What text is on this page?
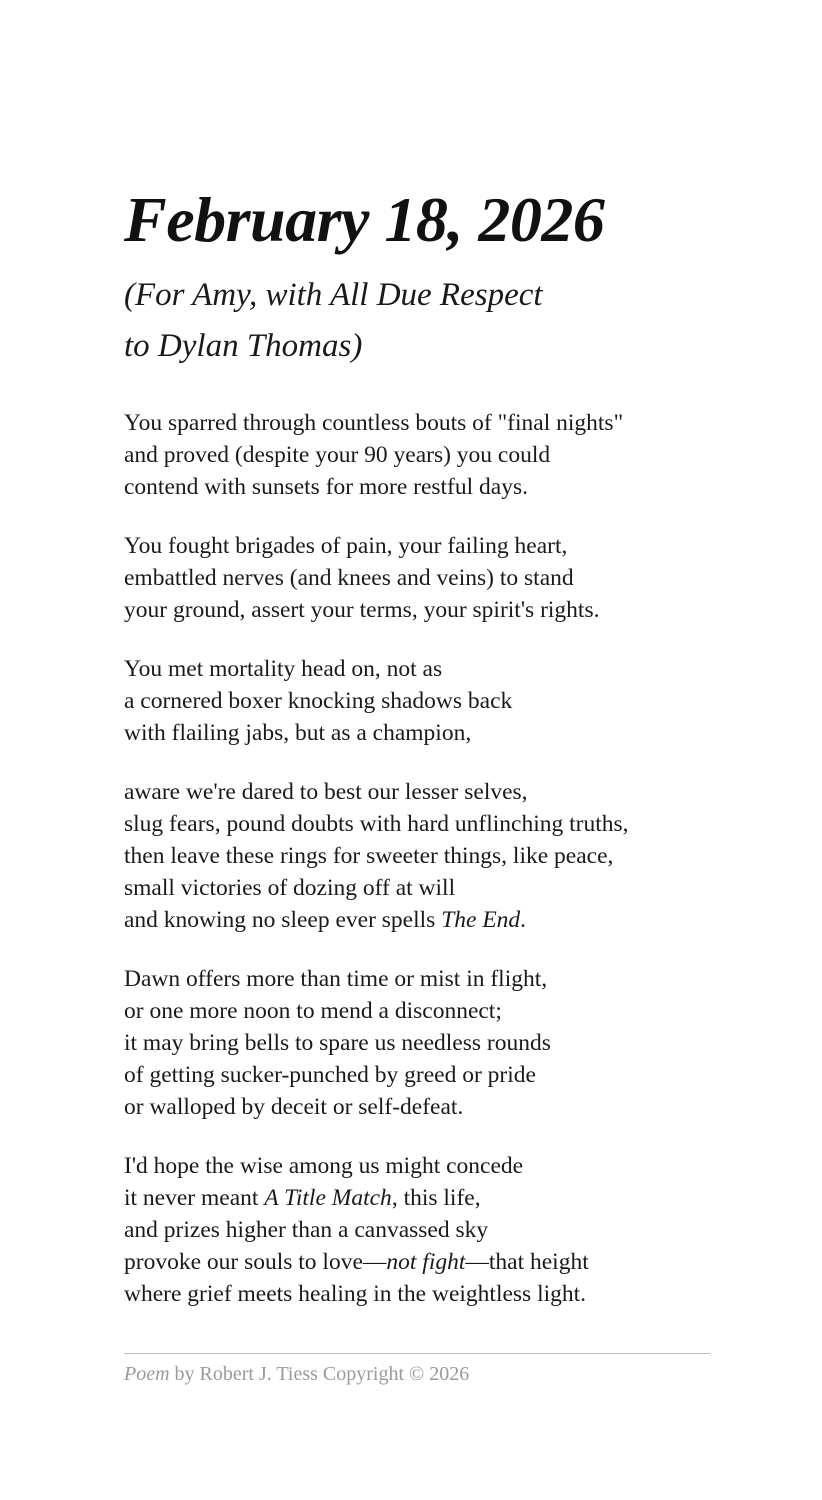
February 18, 2026
(For Amy, with All Due Respect
to Dylan Thomas)
You sparred through countless bouts of "final nights"
and proved (despite your 90 years) you could
contend with sunsets for more restful days.
You fought brigades of pain, your failing heart,
embattled nerves (and knees and veins) to stand
your ground, assert your terms, your spirit's rights.
You met mortality head on, not as
a cornered boxer knocking shadows back
with flailing jabs, but as a champion,
aware we're dared to best our lesser selves,
slug fears, pound doubts with hard unflinching truths,
then leave these rings for sweeter things, like peace,
small victories of dozing off at will
and knowing no sleep ever spells The End.
Dawn offers more than time or mist in flight,
or one more noon to mend a disconnect;
it may bring bells to spare us needless rounds
of getting sucker-punched by greed or pride
or walloped by deceit or self-defeat.
I'd hope the wise among us might concede
it never meant A Title Match, this life,
and prizes higher than a canvassed sky
provoke our souls to love—not fight—that height
where grief meets healing in the weightless light.
Poem by Robert J. Tiess Copyright © 2026
